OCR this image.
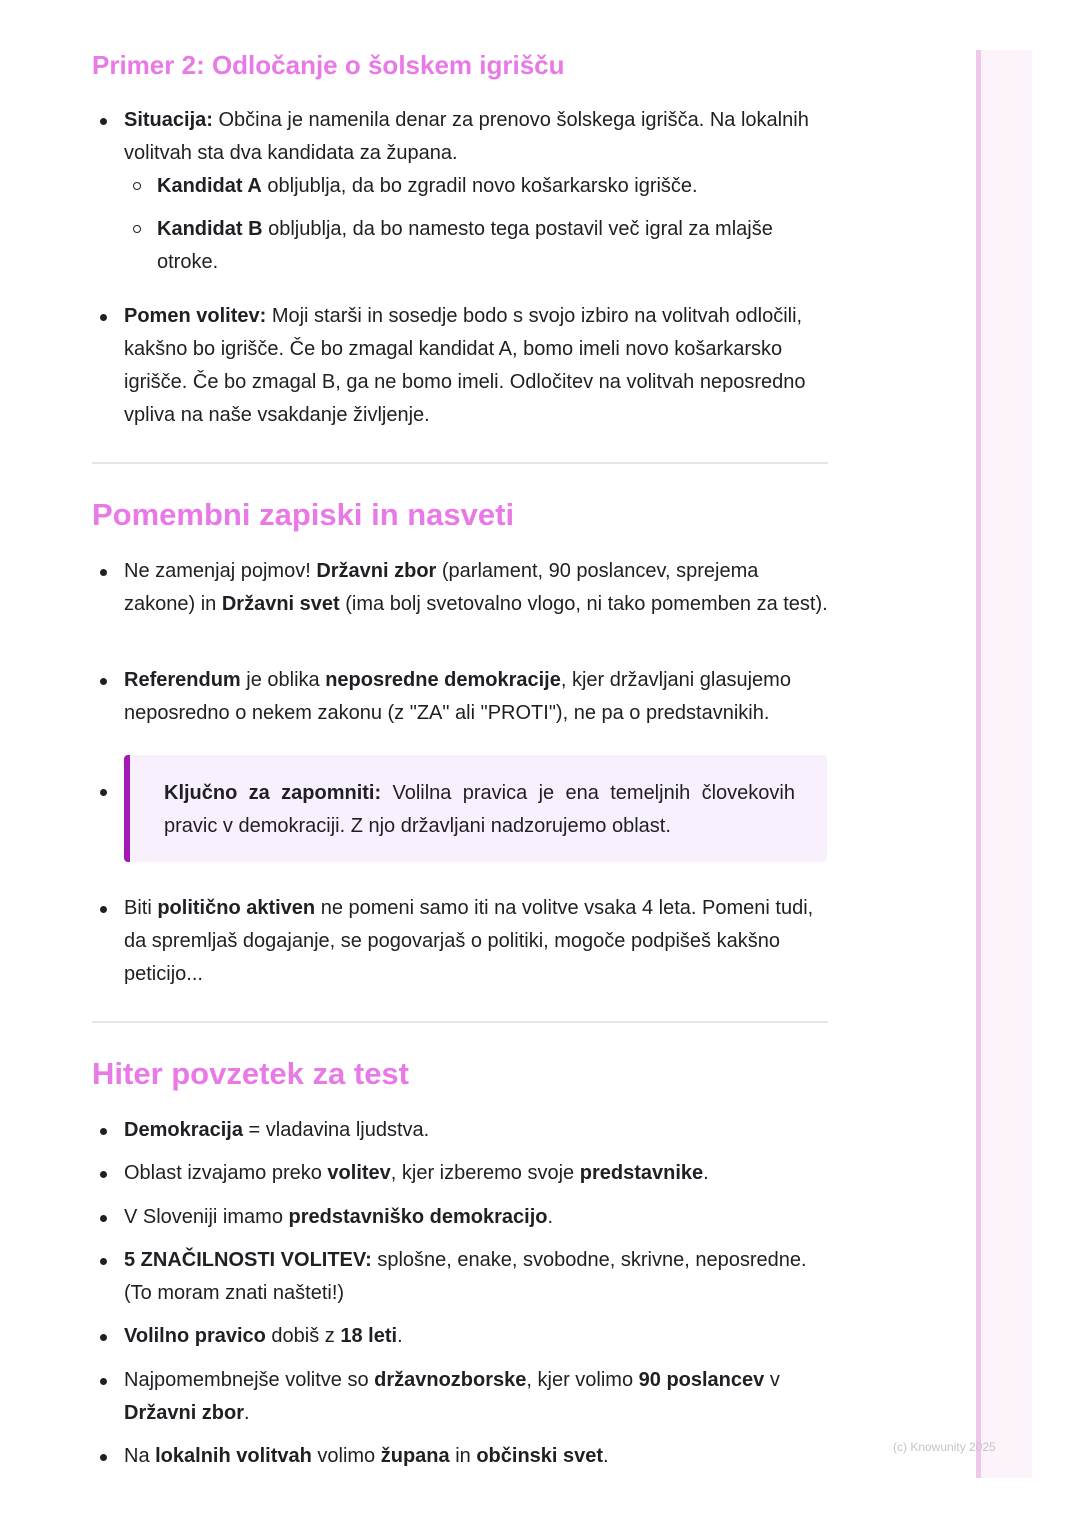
Primer 2: Odločanje o šolskem igrišču
Situacija: Občina je namenila denar za prenovo šolskega igrišča. Na lokalnih volitvah sta dva kandidata za župana.
Kandidat A obljublja, da bo zgradil novo košarkarsko igrišče.
Kandidat B obljublja, da bo namesto tega postavil več igral za mlajše otroke.
Pomen volitev: Moji starši in sosedje bodo s svojo izbiro na volitvah odločili, kakšno bo igrišče. Če bo zmagal kandidat A, bomo imeli novo košarkarsko igrišče. Če bo zmagal B, ga ne bomo imeli. Odločitev na volitvah neposredno vpliva na naše vsakdanje življenje.
Pomembni zapiski in nasveti
Ne zamenjaj pojmov! Državni zbor (parlament, 90 poslancev, sprejema zakone) in Državni svet (ima bolj svetovalno vlogo, ni tako pomemben za test).
Referendum je oblika neposredne demokracije, kjer državljani glasujemo neposredno o nekem zakonu (z "ZA" ali "PROTI"), ne pa o predstavnikih.
Ključno za zapomniti: Volilna pravica je ena temeljnih človekovih pravic v demokraciji. Z njo državljani nadzorujemo oblast.
Biti politično aktiven ne pomeni samo iti na volitve vsaka 4 leta. Pomeni tudi, da spremljaš dogajanje, se pogovarjaš o politiki, mogoče podpišeš kakšno peticijo...
Hiter povzetek za test
Demokracija = vladavina ljudstva.
Oblast izvajamo preko volitev, kjer izberemo svoje predstavnike.
V Sloveniji imamo predstavniško demokracijo.
5 ZNAČILNOSTI VOLITEV: splošne, enake, svobodne, skrivne, neposredne. (To moram znati našteti!)
Volilno pravico dobiš z 18 leti.
Najpomembnejše volitve so državnozborske, kjer volimo 90 poslancev v Državni zbor.
Na lokalnih volitvah volimo župana in občinski svet.	(c) Knowunity 2025
